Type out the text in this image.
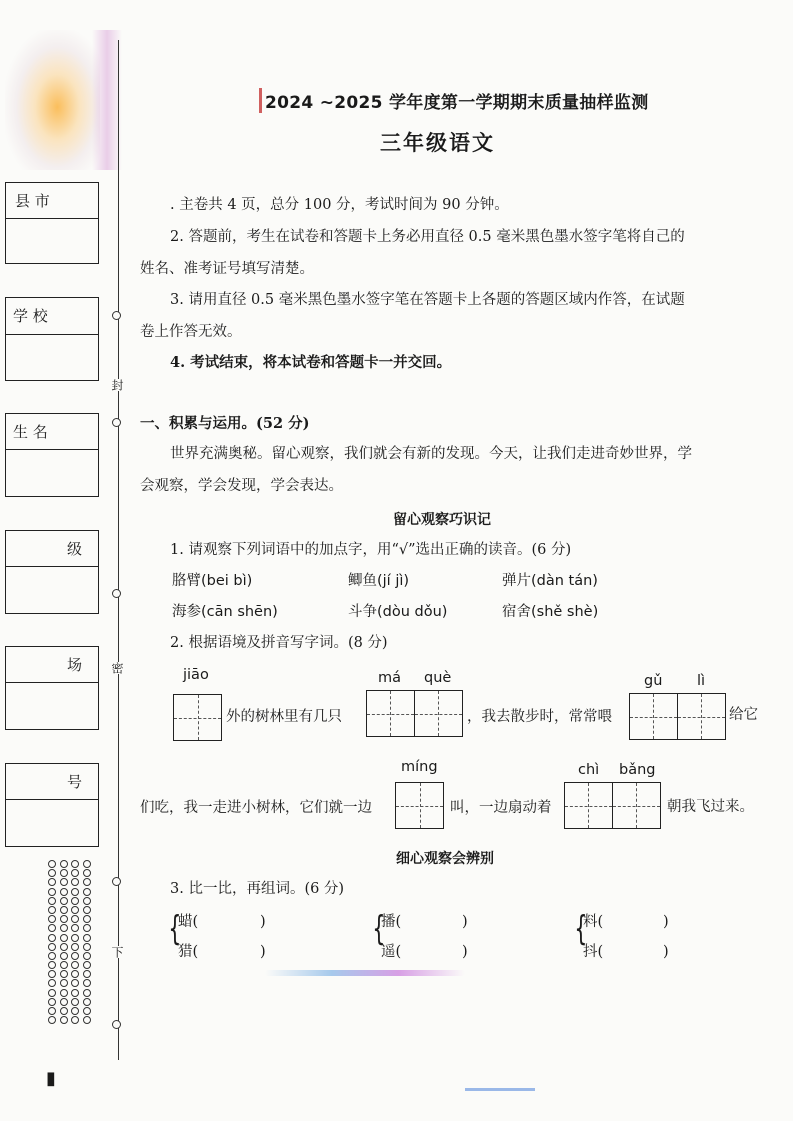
县 市
学 校
生 名
级
场
号
封
密
下
▮
2024 ~2025 学年度第一学期期末质量抽样监测
三年级语文
. 主卷共 4 页，总分 100 分，考试时间为 90 分钟。
2. 答题前，考生在试卷和答题卡上务必用直径 0.5 毫米黑色墨水签字笔将自己的
姓名、准考证号填写清楚。
3. 请用直径 0.5 毫米黑色墨水签字笔在答题卡上各题的答题区域内作答，在试题
卷上作答无效。
4. 考试结束，将本试卷和答题卡一并交回。
一、积累与运用。(52 分)
世界充满奥秘。留心观察，我们就会有新的发现。今天，让我们走进奇妙世界，学
会观察，学会发现，学会表达。
留心观察巧识记
1. 请观察下列词语中的加点字，用“√”选出正确的读音。(6 分)
胳臂(bei bì)	鲫鱼(jí jì)	弹片(dàn tán)
海参(cān shēn)	斗争(dòu dǒu)	宿舍(shě shè)
2. 根据语境及拼音写字词。(8 分)
jiāo
外的树林里有几只
má què
，我去散步时，常常喂
gǔ lì
给它
们吃，我一走进小树林，它们就一边
míng
叫，一边扇动着
chì bǎng
朝我飞过来。
细心观察会辨别
3. 比一比，再组词。(6 分)
{
蜡(	)
猎(	)
{
播(	)
遥(	)
{
料(	)
抖(	)
